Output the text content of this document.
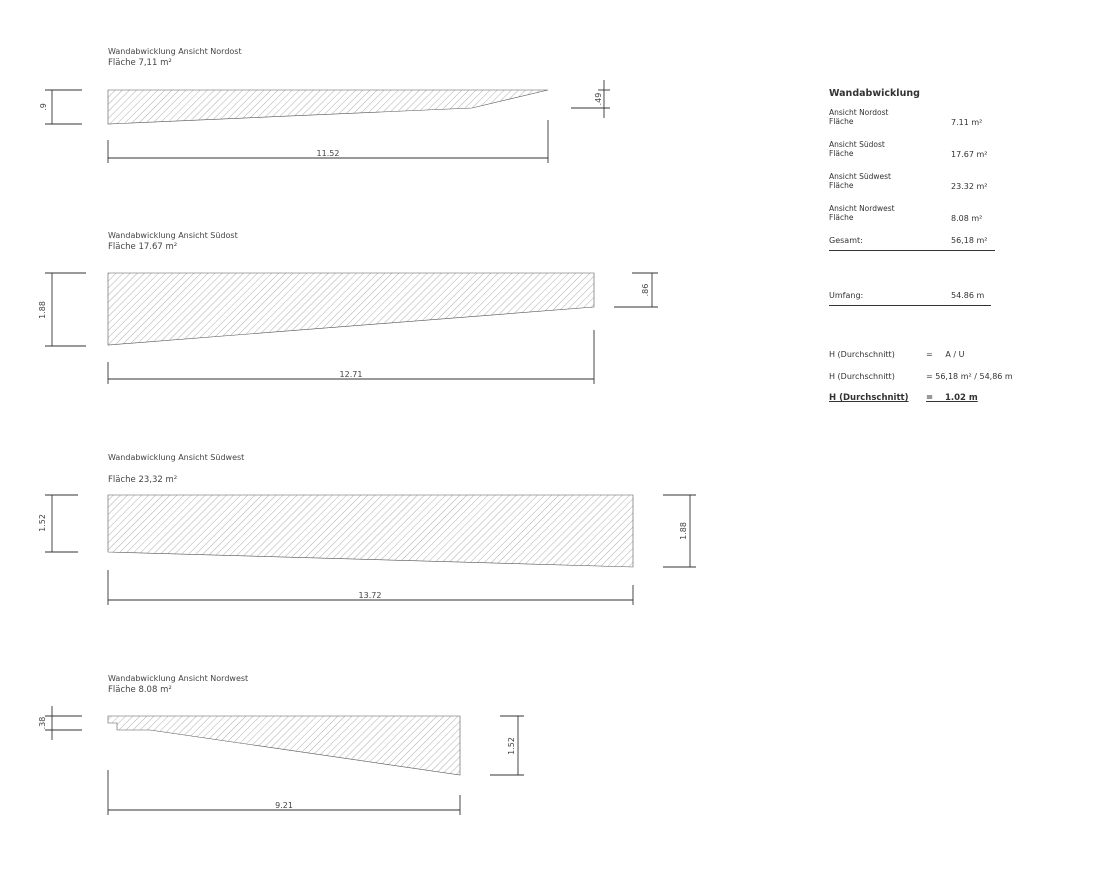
Wandabwicklung Ansicht Nordost
Fläche 7,11 m²
.9
.49
11.52
Wandabwicklung Ansicht Südost
Fläche 17.67 m²
1.88
.86
12.71
Wandabwicklung Ansicht Südwest
Fläche 23,32 m²
1.52	1.88
13.72
Wandabwicklung Ansicht Nordwest
Fläche 8.08 m²
.38
1.52
9.21
Wandabwicklung
Ansicht Nordost
Fläche	7.11 m²
Ansicht Südost
Fläche	17.67 m²
Ansicht Südwest
Fläche	23.32 m²
Ansicht Nordwest
Fläche	8.08 m²
Gesamt:	56,18 m²
Umfang:	54.86 m
H (Durchschnitt)	=     A / U
H (Durchschnitt)	= 56,18 m² / 54,86 m
H (Durchschnitt) =    1.02 m
